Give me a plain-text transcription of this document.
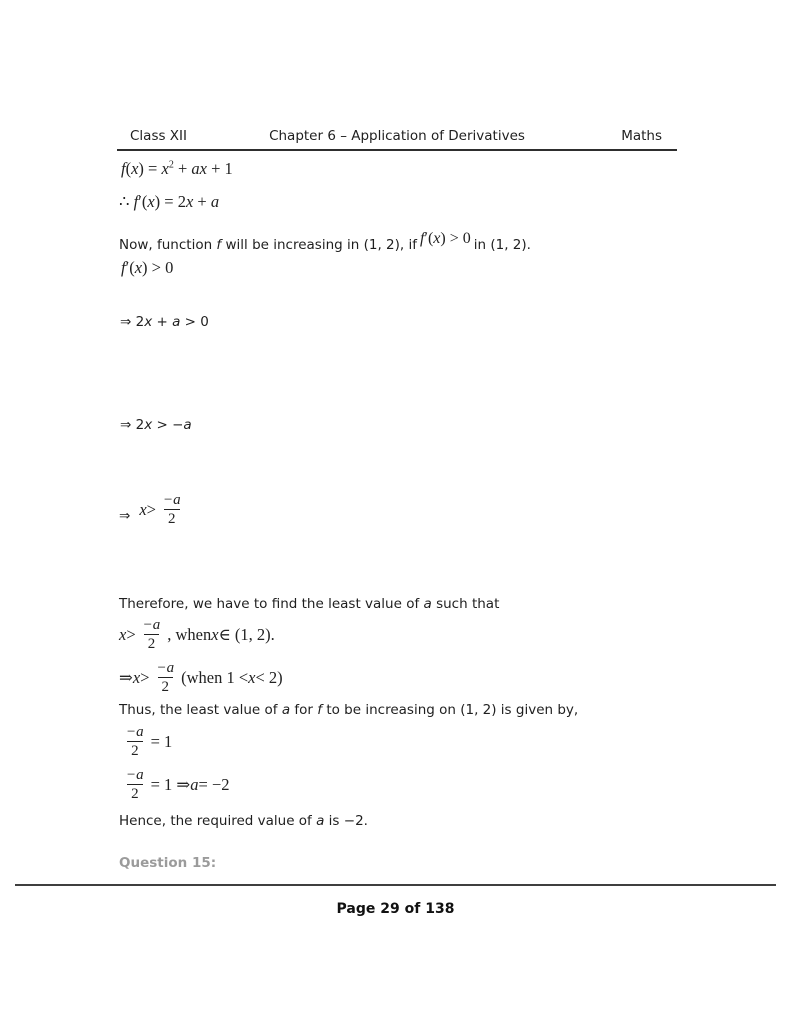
Class XII	Chapter 6 – Application of Derivatives	Maths
$f(x) = x^2$ + ax + 1
∴ f′(x) = 2x + a
Now, function f will be increasing in (1, 2), if f′(x) > 0 in (1, 2).
f′(x) > 0
⇒ 2x + a > 0
⇒ 2x > −a
⇒ $x > \frac{-a}{2}$
Therefore, we have to find the least value of a such that
$x > \frac{-a}{2}$ , when x ∈ (1, 2).
⇒ $x > \frac{-a}{2}$ (when 1 < x < 2)
Thus, the least value of a for f to be increasing on (1, 2) is given by,
$\frac{-a}{2} = 1$
$\frac{-a}{2} = 1$ ⇒ a = −2
Hence, the required value of a is −2.
Question 15:
Page 29 of 138
